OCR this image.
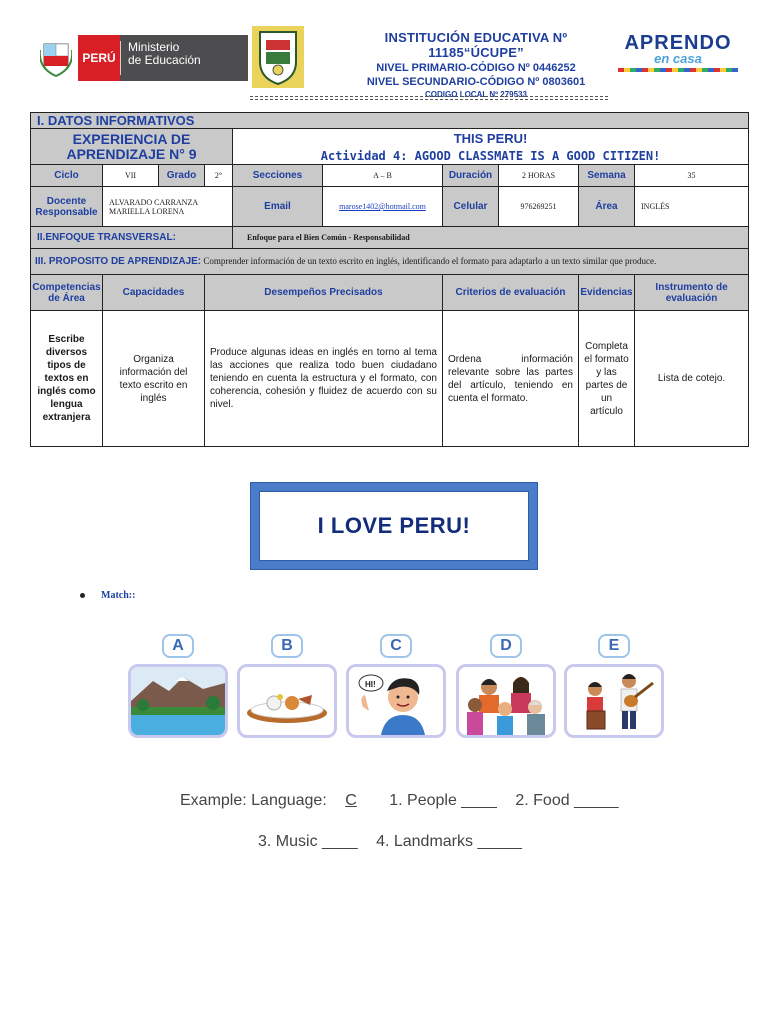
PERÚ
Ministerio
de Educación
INSTITUCIÓN EDUCATIVA Nº 11185“ÚCUPE”
NIVEL PRIMARIO-CÓDIGO Nº 0446252
NIVEL SECUNDARIO-CÓDIGO Nº 0803601
CODIGO LOCAL Nº 279533
APRENDO
en casa
I. DATOS INFORMATIVOS									
EXPERIENCIA DE APRENDIZAJE N° 9				THIS PERU!
Actividad 4: AGOOD CLASSMATE IS A GOOD CITIZEN!					

Ciclo	VII	Grado	2°	Secciones	A – B	Duración	2 HORAS	Semana	35
Docente Responsable	ALVARADO CARRANZA MARIELLA LORENA			Email	marose1402@hotmail.com	Celular	976269251	Área	INGLÉS
II.ENFOQUE TRANSVERSAL:				Enfoque para el Bien Común - Responsabilidad					
III. PROPOSITO DE APRENDIZAJE: Comprender información de un texto escrito en inglés, identificando el formato para adaptarlo a un texto similar que produce.									
Competencias de Área	Capacidades		Desempeños Precisados			Criterios de evaluación		Evidencias	Instrumento de evaluación
Escribe diversos tipos de textos en inglés como lengua extranjera	Organiza información del texto escrito en inglés		Produce algunas ideas en inglés en torno al tema las acciones que realiza todo buen ciudadano teniendo en cuenta la estructura y el formato, con coherencia, cohesión y fluidez de acuerdo con su nivel.			Ordena información relevante sobre las partes del artículo, teniendo en cuenta el formato.		Completa el formato y las partes de un artículo	Lista de cotejo.
I LOVE PERU!
Match::
A	B	C
HI!
D	E
Example: Language: C 1. People ____ 2. Food _____
3. Music ____ 4. Landmarks _____
